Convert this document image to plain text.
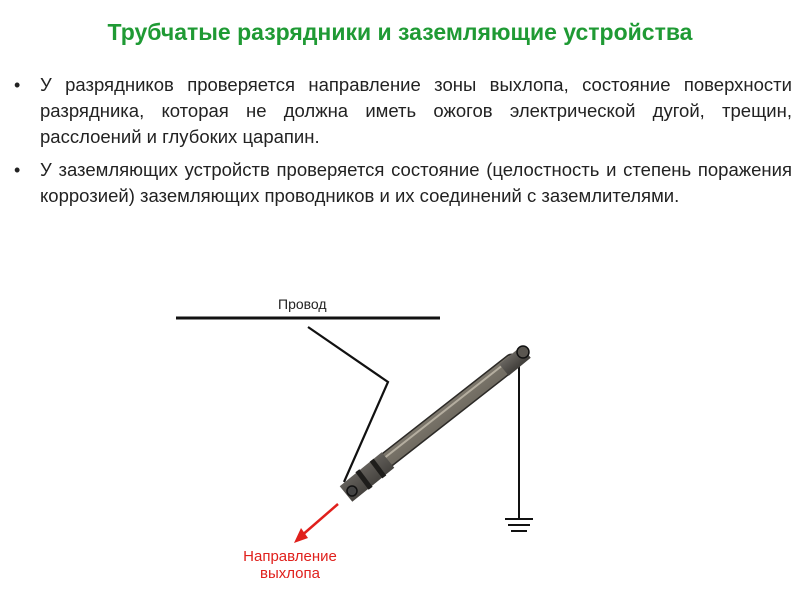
Трубчатые разрядники и заземляющие устройства
•	У разрядников проверяется направление зоны выхлопа, состояние поверхности разрядника, которая не должна иметь ожогов электрической дугой, трещин, расслоений и глубоких царапин.
•	У заземляющих устройств проверяется состояние (целостность и степень поражения коррозией) заземляющих проводников и их соединений с заземлителями.
Провод
Направление
выхлопа
